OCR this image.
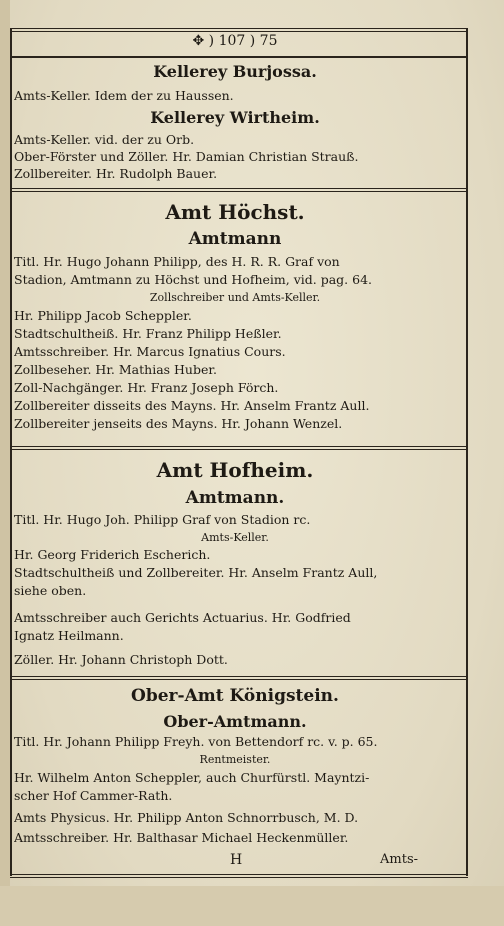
✥ ) 107 ) 75
Kellerey Burjossa.
Amts-Keller. Idem der zu Haussen.
Kellerey Wirtheim.
Amts-Keller. vid. der zu Orb.
Ober-Förster und Zöller. Hr. Damian Christian Strauß.
Zollbereiter. Hr. Rudolph Bauer.
Amt Höchst.
Amtmann
Titl. Hr. Hugo Johann Philipp, des H. R. R. Graf von
Stadion, Amtmann zu Höchst und Hofheim, vid. pag. 64.
Zollschreiber und Amts-Keller.
Hr. Philipp Jacob Scheppler.
Stadtschultheiß. Hr. Franz Philipp Heßler.
Amtsschreiber. Hr. Marcus Ignatius Cours.
Zollbeseher. Hr. Mathias Huber.
Zoll-Nachgänger. Hr. Franz Joseph Förch.
Zollbereiter disseits des Mayns. Hr. Anselm Frantz Aull.
Zollbereiter jenseits des Mayns. Hr. Johann Wenzel.
Amt Hofheim.
Amtmann.
Titl. Hr. Hugo Joh. Philipp Graf von Stadion rc.
Amts-Keller.
Hr. Georg Friderich Escherich.
Stadtschultheiß und Zollbereiter. Hr. Anselm Frantz Aull,
siehe oben.
Amtsschreiber auch Gerichts Actuarius. Hr. Godfried
Ignatz Heilmann.
Zöller. Hr. Johann Christoph Dott.
Ober-Amt Königstein.
Ober-Amtmann.
Titl. Hr. Johann Philipp Freyh. von Bettendorf rc. v. p. 65.
Rentmeister.
Hr. Wilhelm Anton Scheppler, auch Churfürstl. Mayntzi-
scher Hof Cammer-Rath.
Amts Physicus. Hr. Philipp Anton Schnorrbusch, M. D.
Amtsschreiber. Hr. Balthasar Michael Heckenmüller.
H	Amts-
